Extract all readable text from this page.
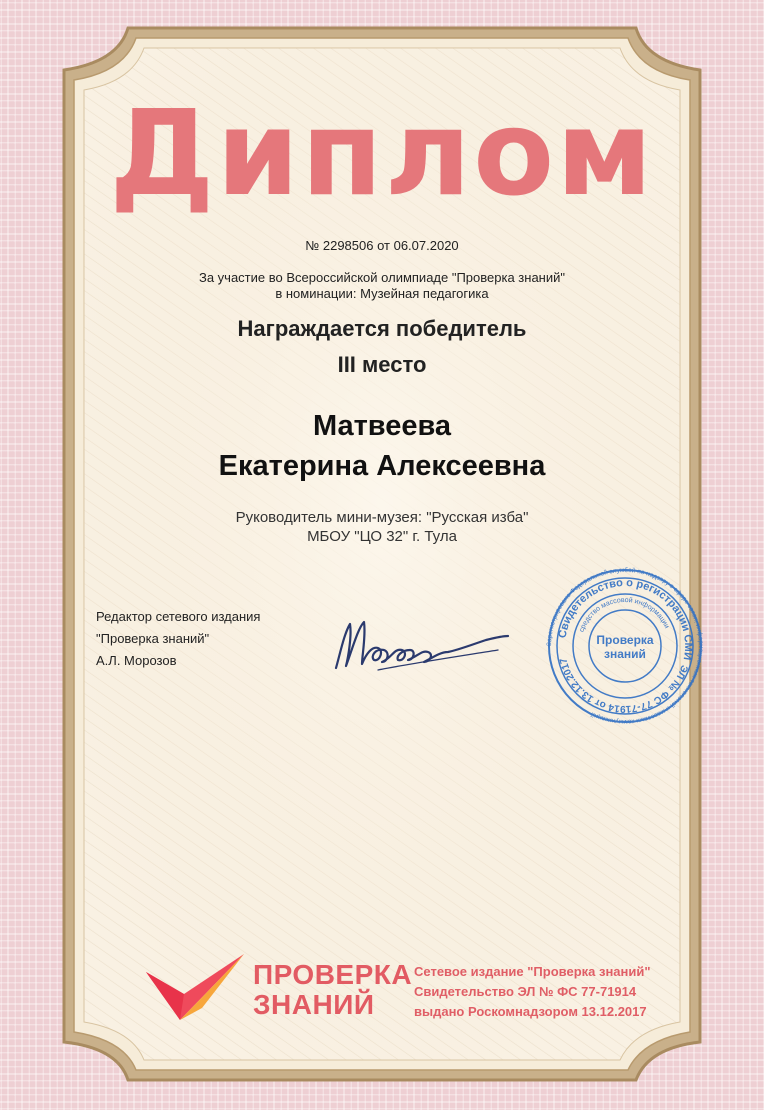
Диплом
№ 2298506 от 06.07.2020
За участие во Всероссийской олимпиаде "Проверка знаний"
в номинации: Музейная педагогика
Награждается победитель
III место
Матвеева
Екатерина Алексеевна
Руководитель мини-музея: "Русская изба"
МБОУ "ЦО 32" г. Тула
Редактор сетевого издания
"Проверка знаний"
А.Л. Морозов
Зарегистрировано Федеральной службой по надзору в сфере связи, информационных технологий и массовых коммуникаций
Свидетельство о регистрации СМИ
ЭЛ № ФС 77-71914 от 13.12.2017
средство массовой информации
Проверка
знаний
ПРОВЕРКА
ЗНАНИЙ
Сетевое издание "Проверка знаний"
Свидетельство ЭЛ № ФС 77-71914
выдано Роскомнадзором 13.12.2017
